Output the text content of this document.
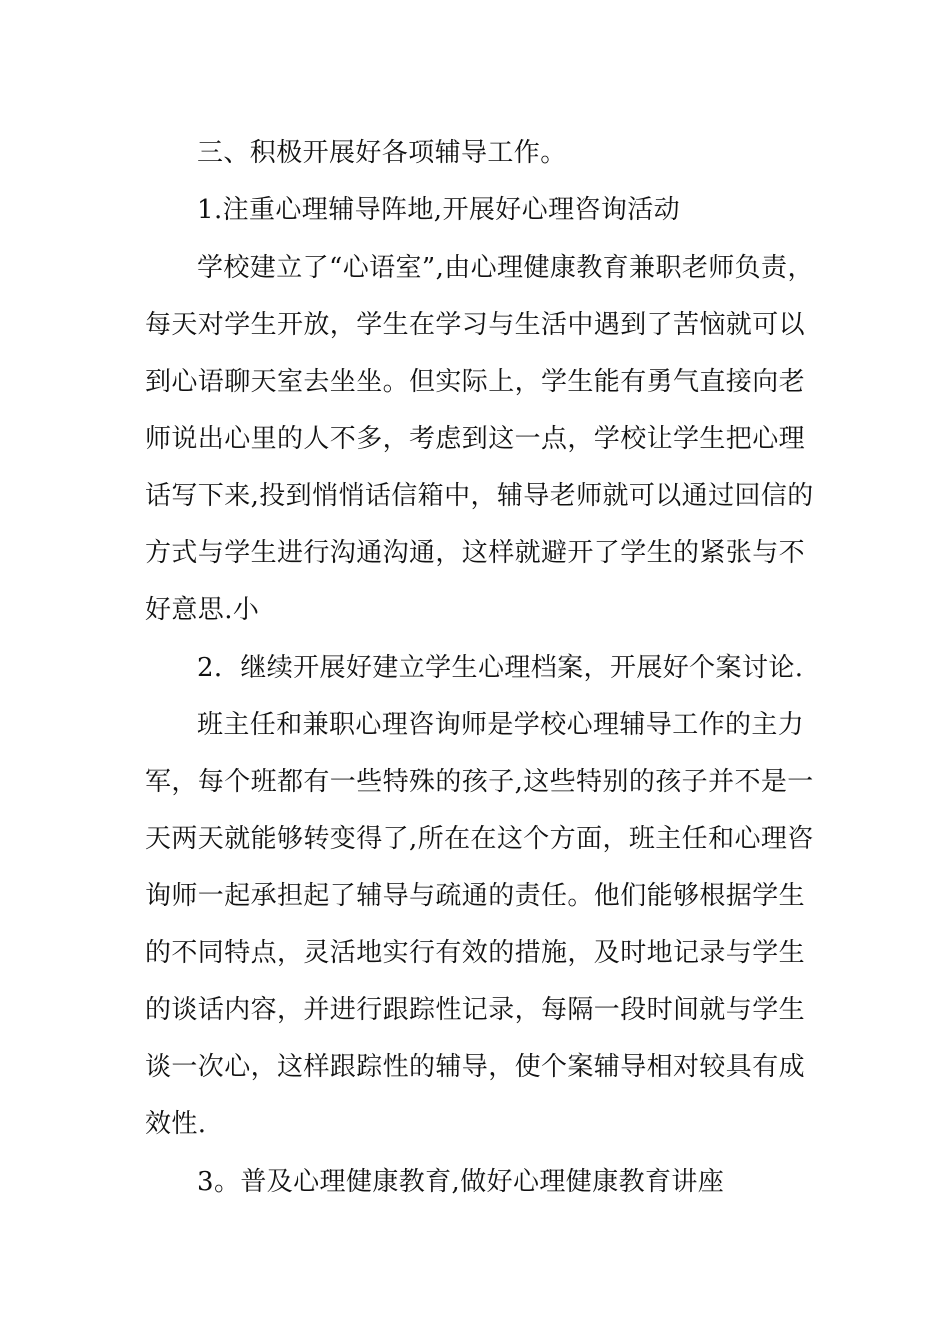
三、积极开展好各项辅导工作。
1.注重心理辅导阵地,开展好心理咨询活动
学校建立了“心语室”,由心理健康教育兼职老师负责，
每天对学生开放，学生在学习与生活中遇到了苦恼就可以
到心语聊天室去坐坐。但实际上，学生能有勇气直接向老
师说出心里的人不多，考虑到这一点，学校让学生把心理
话写下来,投到悄悄话信箱中，辅导老师就可以通过回信的
方式与学生进行沟通沟通，这样就避开了学生的紧张与不
好意思.小
2．继续开展好建立学生心理档案，开展好个案讨论.
班主任和兼职心理咨询师是学校心理辅导工作的主力
军，每个班都有一些特殊的孩子,这些特别的孩子并不是一
天两天就能够转变得了,所在在这个方面，班主任和心理咨
询师一起承担起了辅导与疏通的责任。他们能够根据学生
的不同特点，灵活地实行有效的措施，及时地记录与学生
的谈话内容，并进行跟踪性记录，每隔一段时间就与学生
谈一次心，这样跟踪性的辅导，使个案辅导相对较具有成
效性.
3。普及心理健康教育,做好心理健康教育讲座
